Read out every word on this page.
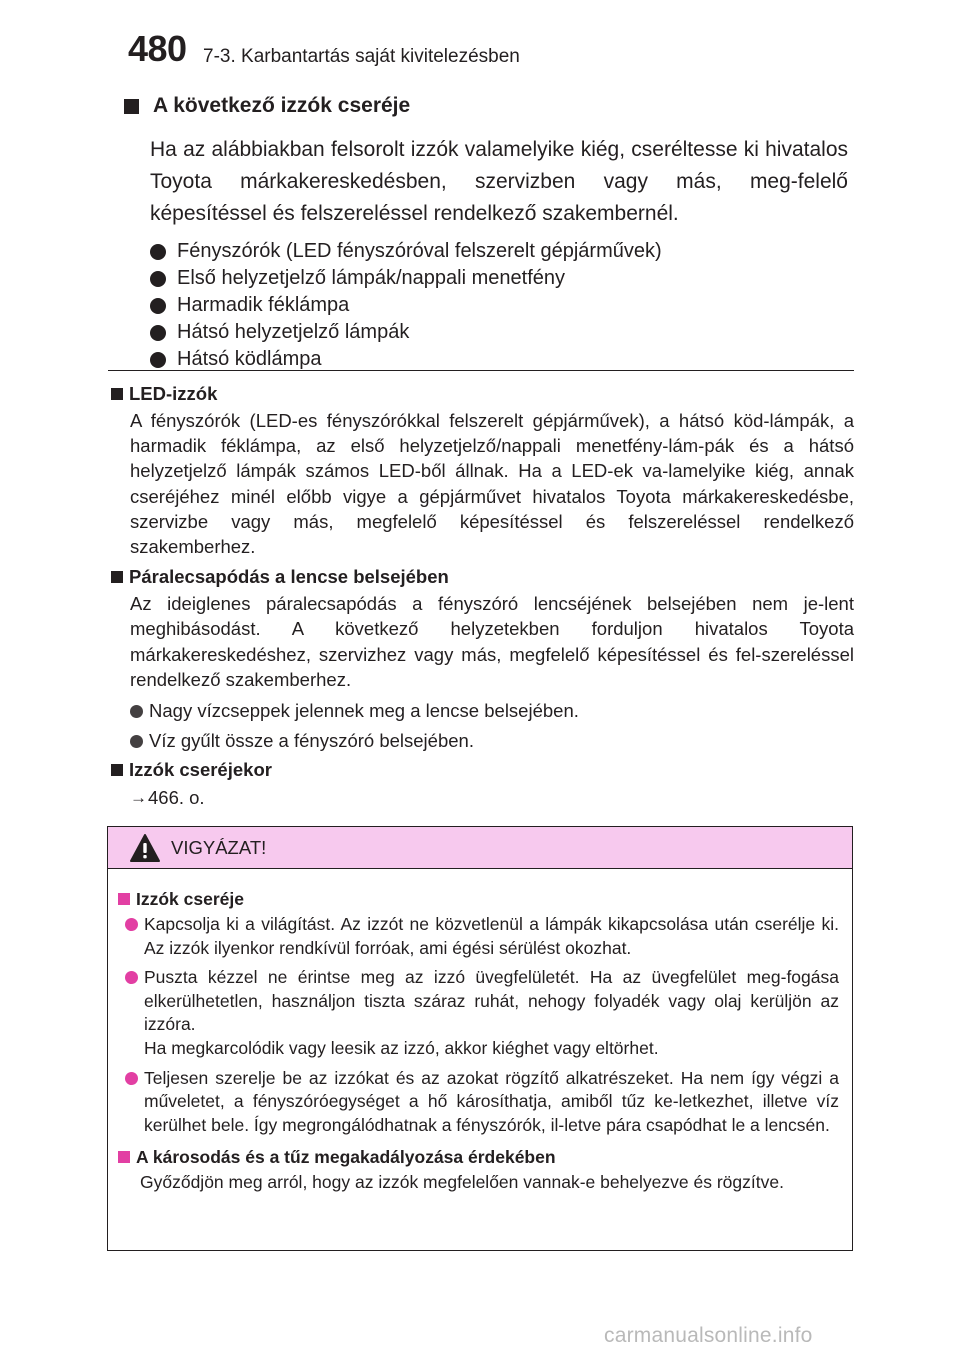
480 7-3. Karbantartás saját kivitelezésben
A következő izzók cseréje

Ha az alábbiakban felsorolt izzók valamelyike kiég, cseréltesse ki hivatalos Toyota márkakereskedésben, szervizben vagy más, meg-felelő képesítéssel és felszereléssel rendelkező szakembernél.

Fényszórók (LED fényszóróval felszerelt gépjárművek)
Első helyzetjelző lámpák/nappali menetfény
Harmadik féklámpa
Hátsó helyzetjelző lámpák
Hátsó ködlámpa
LED-izzók

A fényszórók (LED-es fényszórókkal felszerelt gépjárművek), a hátsó köd-lámpák, a harmadik féklámpa, az első helyzetjelző/nappali menetfény-lám-pák és a hátsó helyzetjelző lámpák számos LED-ből állnak. Ha a LED-ek va-lamelyike kiég, annak cseréjéhez minél előbb vigye a gépjárművet hivatalos Toyota márkakereskedésbe, szervizbe vagy más, megfelelő képesítéssel és felszereléssel rendelkező szakemberhez.

Páralecsapódás a lencse belsejében

Az ideiglenes páralecsapódás a fényszóró lencséjének belsejében nem je-lent meghibásodást. A következő helyzetekben forduljon hivatalos Toyota márkakereskedéshez, szervizhez vagy más, megfelelő képesítéssel és fel-szereléssel rendelkező szakemberhez.

Nagy vízcseppek jelennek meg a lencse belsejében.
Víz gyűlt össze a fényszóró belsejében.
Izzók cseréjekor
→ 466. o.
VIGYÁZAT!
Izzók cseréje
Kapcsolja ki a világítást. Az izzót ne közvetlenül a lámpák kikapcsolása után cserélje ki. Az izzók ilyenkor rendkívül forróak, ami égési sérülést okozhat.
Puszta kézzel ne érintse meg az izzó üvegfelületét. Ha az üvegfelület meg-fogása elkerülhetetlen, használjon tiszta száraz ruhát, nehogy folyadék vagy olaj kerüljön az izzóra.
Ha megkarcolódik vagy leesik az izzó, akkor kiéghet vagy eltörhet.
Teljesen szerelje be az izzókat és az azokat rögzítő alkatrészeket. Ha nem így végzi a műveletet, a fényszóróegységet a hő károsíthatja, amiből tűz ke-letkezhet, illetve víz kerülhet bele. Így megrongálódhatnak a fényszórók, il-letve pára csapódhat le a lencsén.
A károsodás és a tűz megakadályozása érdekében

Győződjön meg arról, hogy az izzók megfelelően vannak-e behelyezve és rögzítve.

carmanualsonline.info
